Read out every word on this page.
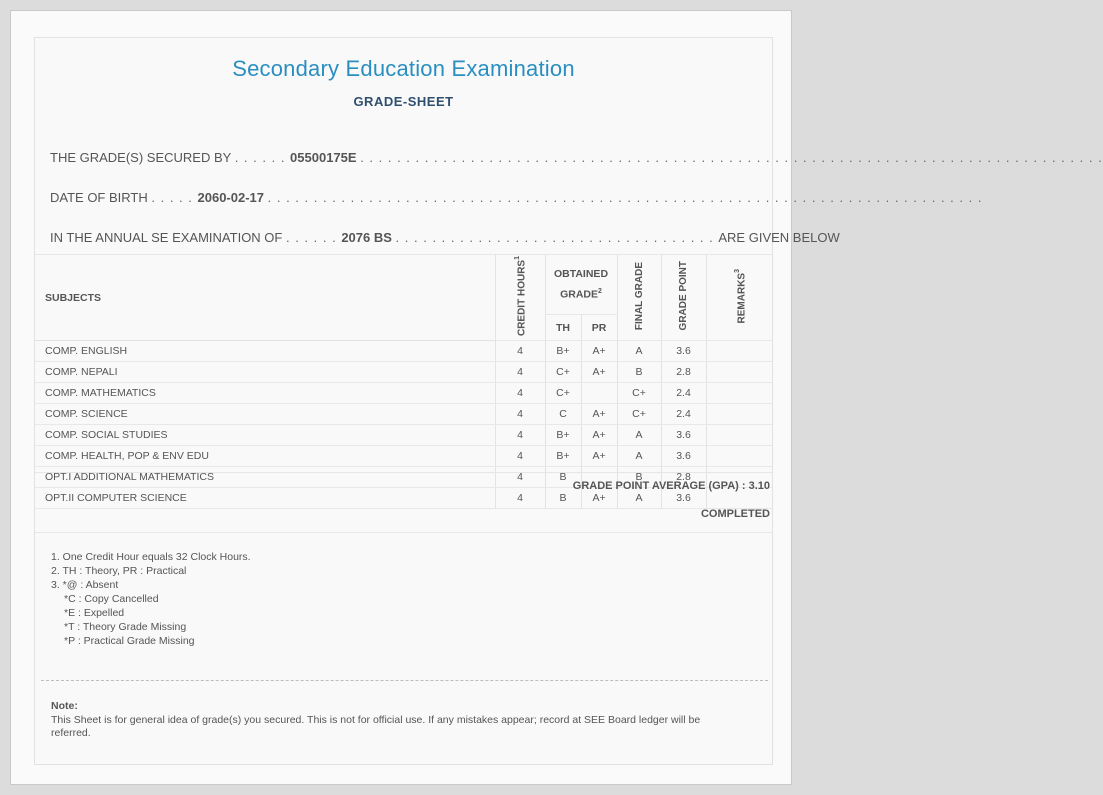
Secondary Education Examination
GRADE-SHEET
THE GRADE(S) SECURED BY . . . . . . 05500175E . . . . . . . . . . . . . . . . . . . . . . . . . . . . . . . . . . . . . . . . . . . . . . . . . . . . . . . . . . . . . . . . . . . . . . . . . . . . . . . . .
DATE OF BIRTH . . . . . 2060-02-17 . . . . . . . . . . . . . . . . . . . . . . . . . . . . . . . . . . . . . . . . . . . . . . . . . . . . . . . . . . . . . . . . . . . . . . . . . . . . . .
IN THE ANNUAL SE EXAMINATION OF . . . . . . 2076 BS . . . . . . . . . . . . . . . . . . . . . . . . . . . . . . . . . . . ARE GIVEN BELOW
SUBJECTS	CREDIT HOURS$^1$	OBTAINED GRADE$^2$		FINAL GRADE	GRADE POINT	REMARKS$^3$
		TH	PR			
COMP. ENGLISH	4	B+	A+	A	3.6	
COMP. NEPALI	4	C+	A+	B	2.8	
COMP. MATHEMATICS	4	C+		C+	2.4	
COMP. SCIENCE	4	C	A+	C+	2.4	
COMP. SOCIAL STUDIES	4	B+	A+	A	3.6	
COMP. HEALTH, POP & ENV EDU	4	B+	A+	A	3.6	
OPT.I ADDITIONAL MATHEMATICS	4	B		B	2.8	
OPT.II COMPUTER SCIENCE	4	B	A+	A	3.6	
GRADE POINT AVERAGE (GPA) : 3.10
COMPLETED
1. One Credit Hour equals 32 Clock Hours.
2. TH : Theory, PR : Practical
3. *@ : Absent
*C : Copy Cancelled
*E : Expelled
*T : Theory Grade Missing
*P : Practical Grade Missing
Note:
This Sheet is for general idea of grade(s) you secured. This is not for official use. If any mistakes appear; record at SEE Board ledger will be referred.
